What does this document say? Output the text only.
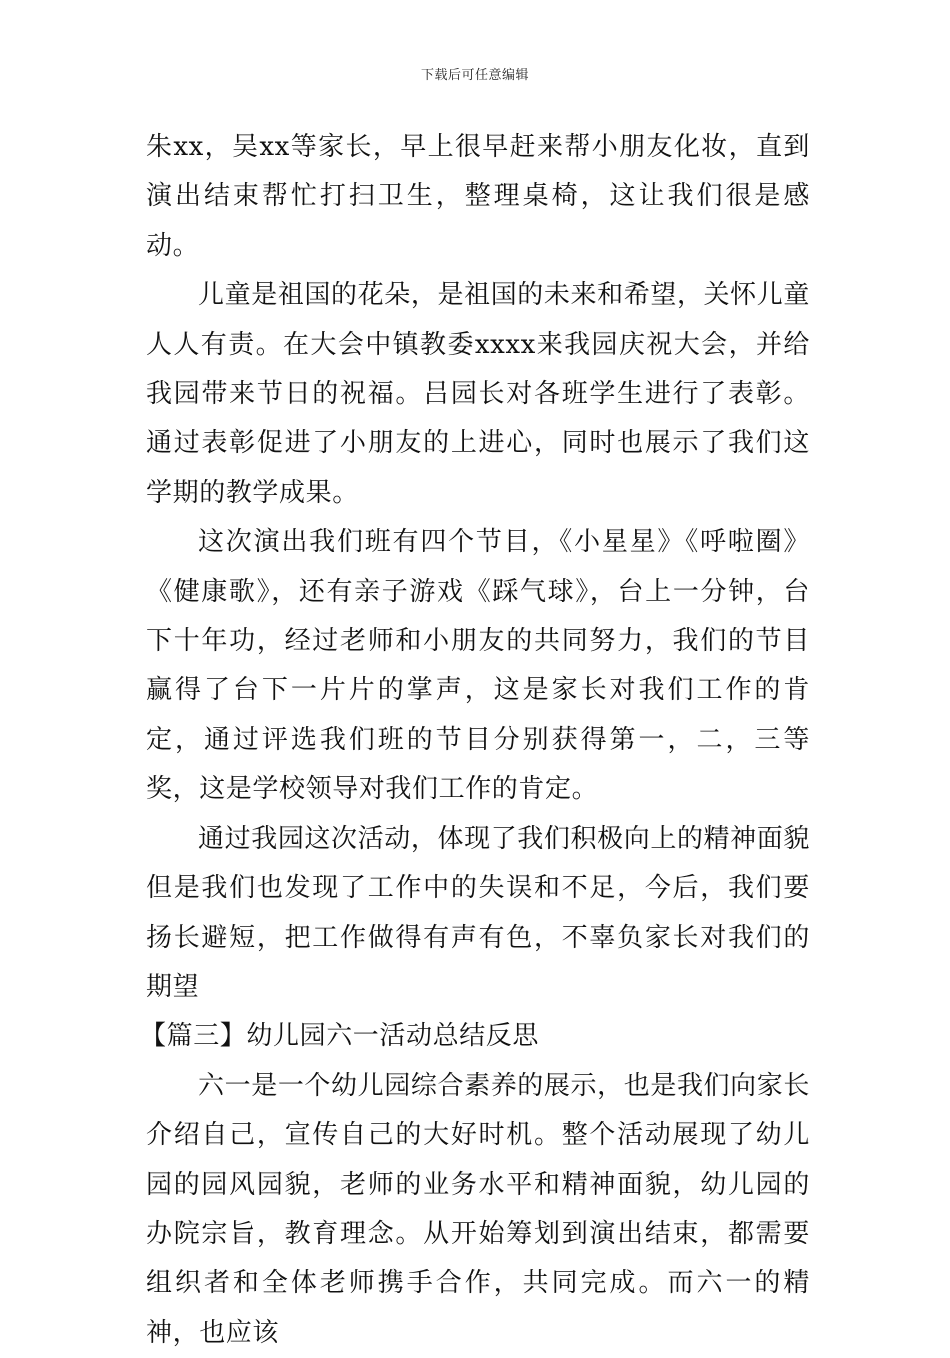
下载后可任意编辑

朱xx，吴xx等家长，早上很早赶来帮小朋友化妆，直到演出结束帮忙打扫卫生，整理桌椅，这让我们很是感动。

儿童是祖国的花朵，是祖国的未来和希望，关怀儿童人人有责。在大会中镇教委xxxx来我园庆祝大会，并给我园带来节日的祝福。吕园长对各班学生进行了表彰。通过表彰促进了小朋友的上进心，同时也展示了我们这学期的教学成果。

这次演出我们班有四个节目，《小星星》《呼啦圈》《健康歌》，还有亲子游戏《踩气球》，台上一分钟，台下十年功，经过老师和小朋友的共同努力，我们的节目赢得了台下一片片的掌声，这是家长对我们工作的肯定，通过评选我们班的节目分别获得第一，二，三等奖，这是学校领导对我们工作的肯定。

通过我园这次活动，体现了我们积极向上的精神面貌但是我们也发现了工作中的失误和不足，今后，我们要扬长避短，把工作做得有声有色，不辜负家长对我们的期望

【篇三】幼儿园六一活动总结反思

六一是一个幼儿园综合素养的展示，也是我们向家长介绍自己，宣传自己的大好时机。整个活动展现了幼儿园的园风园貌，老师的业务水平和精神面貌，幼儿园的办院宗旨，教育理念。从开始筹划到演出结束，都需要组织者和全体老师携手合作，共同完成。而六一的精神，也应该
